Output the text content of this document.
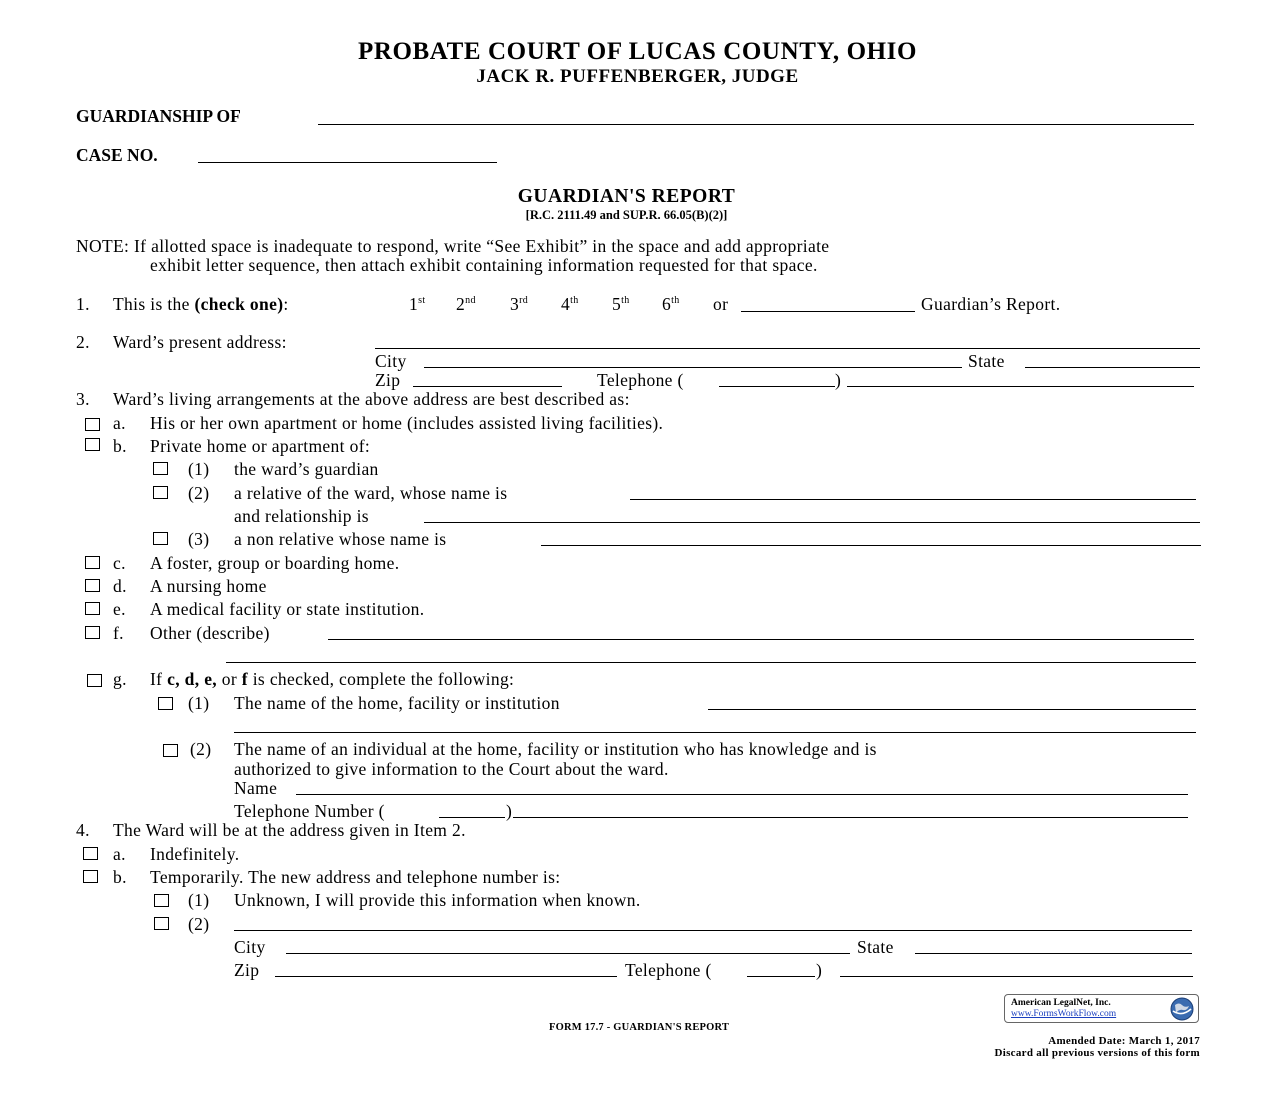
PROBATE COURT OF LUCAS COUNTY, OHIO
JACK R. PUFFENBERGER, JUDGE
GUARDIANSHIP OF
CASE NO.
GUARDIAN'S REPORT
[R.C. 2111.49 and SUP.R. 66.05(B)(2)]
NOTE: If allotted space is inadequate to respond, write “See Exhibit” in the space and add appropriate
exhibit letter sequence, then attach exhibit containing information requested for that space.
1. This is the (check one):	1st 2nd 3rd 4th 5th 6th or	Guardian’s Report.
2. Ward’s present address:
City	State
Zip	Telephone (	)
3. Ward’s living arrangements at the above address are best described as:
a. His or her own apartment or home (includes assisted living facilities).
b. Private home or apartment of:
(1) the ward’s guardian
(2) a relative of the ward, whose name is
and relationship is
(3) a non relative whose name is
c. A foster, group or boarding home.
d. A nursing home
e. A medical facility or state institution.
f. Other (describe)
g. If c, d, e, or f is checked, complete the following:
(1) The name of the home, facility or institution
(2) The name of an individual at the home, facility or institution who has knowledge and is
authorized to give information to the Court about the ward.
Name
Telephone Number (	)
4. The Ward will be at the address given in Item 2.
a. Indefinitely.
b. Temporarily. The new address and telephone number is:
(1) Unknown, I will provide this information when known.
(2)
City	State
Zip	Telephone (	)
FORM 17.7 - GUARDIAN'S REPORT
American LegalNet, Inc.
www.FormsWorkFlow.com
Amended Date: March 1, 2017
Discard all previous versions of this form
